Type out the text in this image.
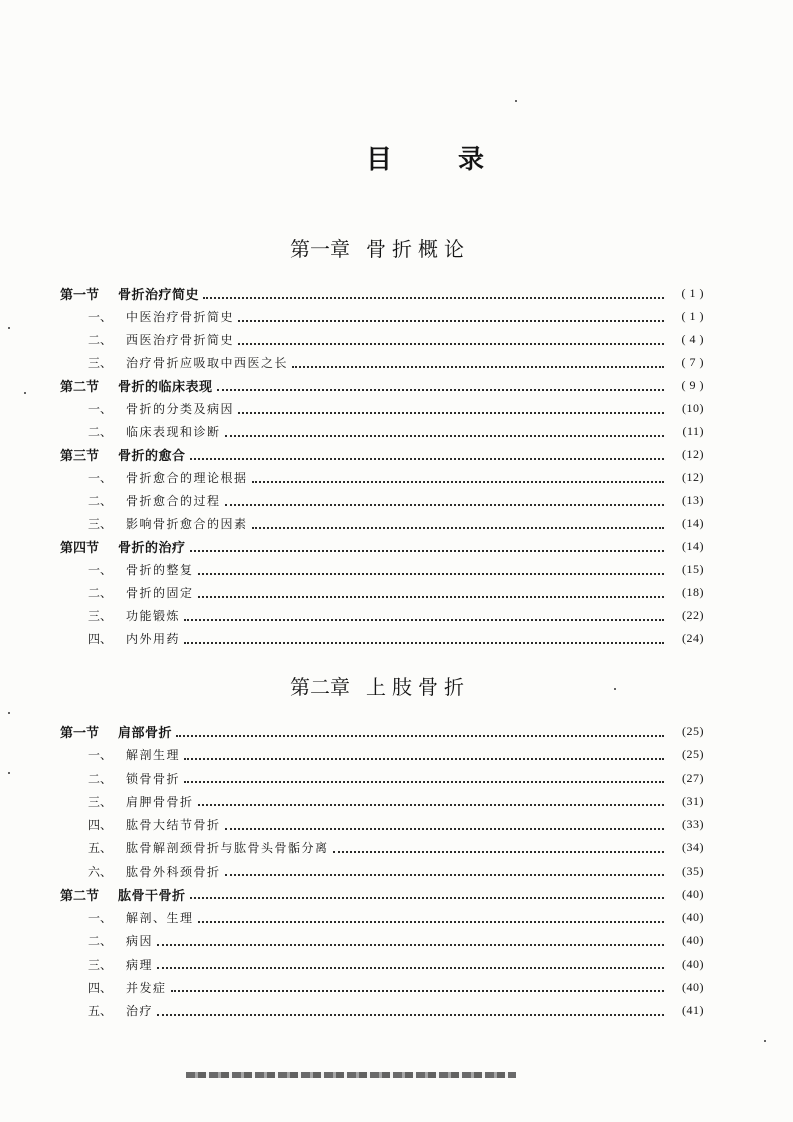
目录
第一章 骨折概论
第一节	骨折治疗简史	( 1 )
一、	中医治疗骨折简史	( 1 )
二、	西医治疗骨折简史	( 4 )
三、	治疗骨折应吸取中西医之长	( 7 )
第二节	骨折的临床表现	( 9 )
一、	骨折的分类及病因	(10)
二、	临床表现和诊断	(11)
第三节	骨折的愈合	(12)
一、	骨折愈合的理论根据	(12)
二、	骨折愈合的过程	(13)
三、	影响骨折愈合的因素	(14)
第四节	骨折的治疗	(14)
一、	骨折的整复	(15)
二、	骨折的固定	(18)
三、	功能锻炼	(22)
四、	内外用药	(24)
第二章 上肢骨折
第一节	肩部骨折	(25)
一、	解剖生理	(25)
二、	锁骨骨折	(27)
三、	肩胛骨骨折	(31)
四、	肱骨大结节骨折	(33)
五、	肱骨解剖颈骨折与肱骨头骨骺分离	(34)
六、	肱骨外科颈骨折	(35)
第二节	肱骨干骨折	(40)
一、	解剖、生理	(40)
二、	病因	(40)
三、	病理	(40)
四、	并发症	(40)
五、	治疗	(41)
